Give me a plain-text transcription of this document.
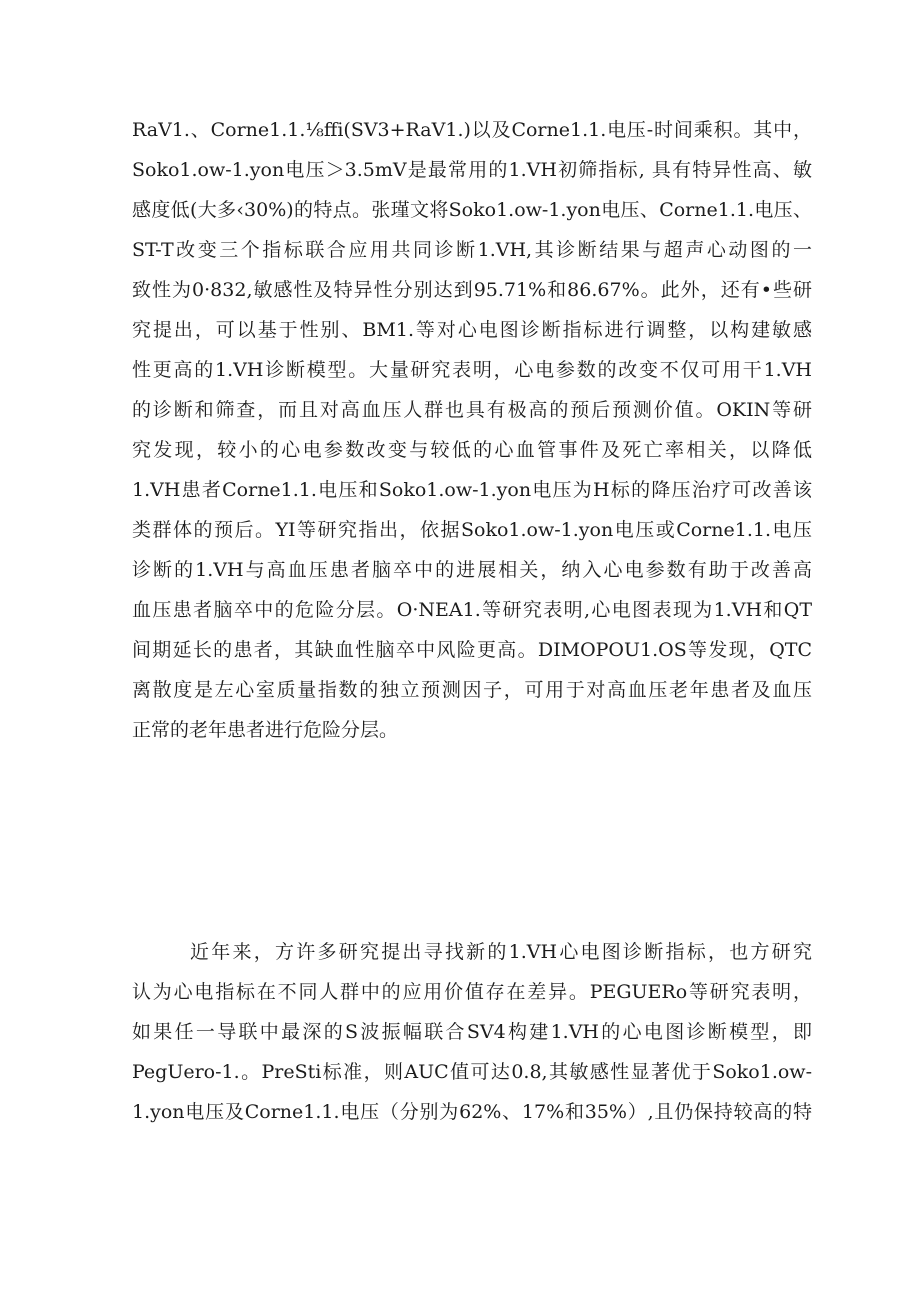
RaV1.、Corne1.1.⅛ffi(SV3+RaV1.)以及Corne1.1.电压-时间乘积。其中，
Soko1.ow-1.yon电压＞3.5mV是最常用的1.VH初筛指标, 具有特异性高、敏
感度低(大多‹30%)的特点。张瑾文将Soko1.ow-1.yon电压、Corne1.1.电压、
ST-T改变三个指标联合应用共同诊断1.VH,其诊断结果与超声心动图的一
致性为0·832,敏感性及特异性分别达到95.71%和86.67%。此外，还有•些研
究提出，可以基于性别、BM1.等对心电图诊断指标进行调整，以构建敏感
性更高的1.VH诊断模型。大量研究表明，心电参数的改变不仅可用干1.VH
的诊断和筛查，而且对高血压人群也具有极高的预后预测价值。OKIN等研
究发现，较小的心电参数改变与较低的心血管事件及死亡率相关，以降低
1.VH患者Corne1.1.电压和Soko1.ow-1.yon电压为H标的降压治疗可改善该
类群体的预后。YI等研究指出，依据Soko1.ow-1.yon电压或Corne1.1.电压
诊断的1.VH与高血压患者脑卒中的进展相关，纳入心电参数有助于改善高
血压患者脑卒中的危险分层。O·NEA1.等研究表明,心电图表现为1.VH和QT
间期延长的患者，其缺血性脑卒中风险更高。DIMOPOU1.OS等发现，QTC
离散度是左心室质量指数的独立预测因子，可用于对高血压老年患者及血压
正常的老年患者进行危险分层。
近年来，方许多研究提出寻找新的1.VH心电图诊断指标，也方研究
认为心电指标在不同人群中的应用价值存在差异。PEGUERo等研究表明，
如果任一导联中最深的S波振幅联合SV4构建1.VH的心电图诊断模型，即
PegUero-1.。PreSti标准，则AUC值可达0.8,其敏感性显著优于Soko1.ow-
1.yon电压及Corne1.1.电压（分别为62%、17%和35%）,且仍保持较高的特
